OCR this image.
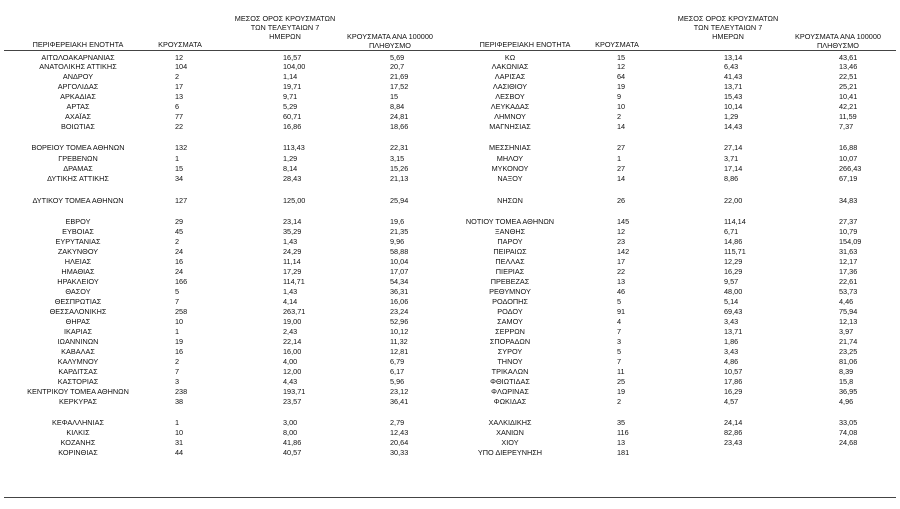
ΠΕΡΙΦΕΡΕΙΑΚΗ ΕΝΟΤΗΤΑ	ΚΡΟΥΣΜΑΤΑ
ΜΕΣΟΣ ΟΡΟΣ ΚΡΟΥΣΜΑΤΩΝ
ΤΩΝ ΤΕΛΕΥΤΑΙΩΝ 7
ΗΜΕΡΩΝ	ΚΡΟΥΣΜΑΤΑ ΑΝΑ 100000
ΠΛΗΘΥΣΜΟ	ΠΕΡΙΦΕΡΕΙΑΚΗ ΕΝΟΤΗΤΑ	ΚΡΟΥΣΜΑΤΑ
ΜΕΣΟΣ ΟΡΟΣ ΚΡΟΥΣΜΑΤΩΝ
ΤΩΝ ΤΕΛΕΥΤΑΙΩΝ 7
ΗΜΕΡΩΝ	ΚΡΟΥΣΜΑΤΑ ΑΝΑ 100000
ΠΛΗΘΥΣΜΟ
ΑΙΤΩΛΟΑΚΑΡΝΑΝΙΑΣ	12	16,57	5,69
ΑΝΑΤΟΛΙΚΗΣ ΑΤΤΙΚΗΣ	104	104,00	20,7
ΑΝΔΡΟΥ	2	1,14	21,69
ΑΡΓΟΛΙΔΑΣ	17	19,71	17,52
ΑΡΚΑΔΙΑΣ	13	9,71	15
ΑΡΤΑΣ	6	5,29	8,84
ΑΧΑΪΑΣ	77	60,71	24,81
ΒΟΙΩΤΙΑΣ	22	16,86	18,66
ΒΟΡΕΙΟΥ ΤΟΜΕΑ ΑΘΗΝΩΝ	132	113,43	22,31
ΓΡΕΒΕΝΩΝ	1	1,29	3,15
ΔΡΑΜΑΣ	15	8,14	15,26
ΔΥΤΙΚΗΣ ΑΤΤΙΚΗΣ	34	28,43	21,13
ΔΥΤΙΚΟΥ ΤΟΜΕΑ ΑΘΗΝΩΝ	127	125,00	25,94
ΕΒΡΟΥ	29	23,14	19,6
ΕΥΒΟΙΑΣ	45	35,29	21,35
ΕΥΡΥΤΑΝΙΑΣ	2	1,43	9,96
ΖΑΚΥΝΘΟΥ	24	24,29	58,88
ΗΛΕΙΑΣ	16	11,14	10,04
ΗΜΑΘΙΑΣ	24	17,29	17,07
ΗΡΑΚΛΕΙΟΥ	166	114,71	54,34
ΘΑΣΟΥ	5	1,43	36,31
ΘΕΣΠΡΩΤΙΑΣ	7	4,14	16,06
ΘΕΣΣΑΛΟΝΙΚΗΣ	258	263,71	23,24
ΘΗΡΑΣ	10	19,00	52,96
ΙΚΑΡΙΑΣ	1	2,43	10,12
ΙΩΑΝΝΙΝΩΝ	19	22,14	11,32
ΚΑΒΑΛΑΣ	16	16,00	12,81
ΚΑΛΥΜΝΟΥ	2	4,00	6,79
ΚΑΡΔΙΤΣΑΣ	7	12,00	6,17
ΚΑΣΤΟΡΙΑΣ	3	4,43	5,96
ΚΕΝΤΡΙΚΟΥ ΤΟΜΕΑ ΑΘΗΝΩΝ	238	193,71	23,12
ΚΕΡΚΥΡΑΣ	38	23,57	36,41
ΚΕΦΑΛΛΗΝΙΑΣ	1	3,00	2,79
ΚΙΛΚΙΣ	10	8,00	12,43
ΚΟΖΑΝΗΣ	31	41,86	20,64
ΚΟΡΙΝΘΙΑΣ	44	40,57	30,33
ΚΩ	15	13,14	43,61
ΛΑΚΩΝΙΑΣ	12	6,43	13,46
ΛΑΡΙΣΑΣ	64	41,43	22,51
ΛΑΣΙΘΙΟΥ	19	13,71	25,21
ΛΕΣΒΟΥ	9	15,43	10,41
ΛΕΥΚΑΔΑΣ	10	10,14	42,21
ΛΗΜΝΟΥ	2	1,29	11,59
ΜΑΓΝΗΣΙΑΣ	14	14,43	7,37
ΜΕΣΣΗΝΙΑΣ	27	27,14	16,88
ΜΗΛΟΥ	1	3,71	10,07
ΜΥΚΟΝΟΥ	27	17,14	266,43
ΝΑΞΟΥ	14	8,86	67,19
ΝΗΣΩΝ	26	22,00	34,83
ΝΟΤΙΟΥ ΤΟΜΕΑ ΑΘΗΝΩΝ	145	114,14	27,37
ΞΑΝΘΗΣ	12	6,71	10,79
ΠΑΡΟΥ	23	14,86	154,09
ΠΕΙΡΑΙΩΣ	142	115,71	31,63
ΠΕΛΛΑΣ	17	12,29	12,17
ΠΙΕΡΙΑΣ	22	16,29	17,36
ΠΡΕΒΕΖΑΣ	13	9,57	22,61
ΡΕΘΥΜΝΟΥ	46	48,00	53,73
ΡΟΔΟΠΗΣ	5	5,14	4,46
ΡΟΔΟΥ	91	69,43	75,94
ΣΑΜΟΥ	4	3,43	12,13
ΣΕΡΡΩΝ	7	13,71	3,97
ΣΠΟΡΑΔΩΝ	3	1,86	21,74
ΣΥΡΟΥ	5	3,43	23,25
ΤΗΝΟΥ	7	4,86	81,06
ΤΡΙΚΑΛΩΝ	11	10,57	8,39
ΦΘΙΩΤΙΔΑΣ	25	17,86	15,8
ΦΛΩΡΙΝΑΣ	19	16,29	36,95
ΦΩΚΙΔΑΣ	2	4,57	4,96
ΧΑΛΚΙΔΙΚΗΣ	35	24,14	33,05
ΧΑΝΙΩΝ	116	82,86	74,08
ΧΙΟΥ	13	23,43	24,68
ΥΠΟ ΔΙΕΡΕΥΝΗΣΗ	181
